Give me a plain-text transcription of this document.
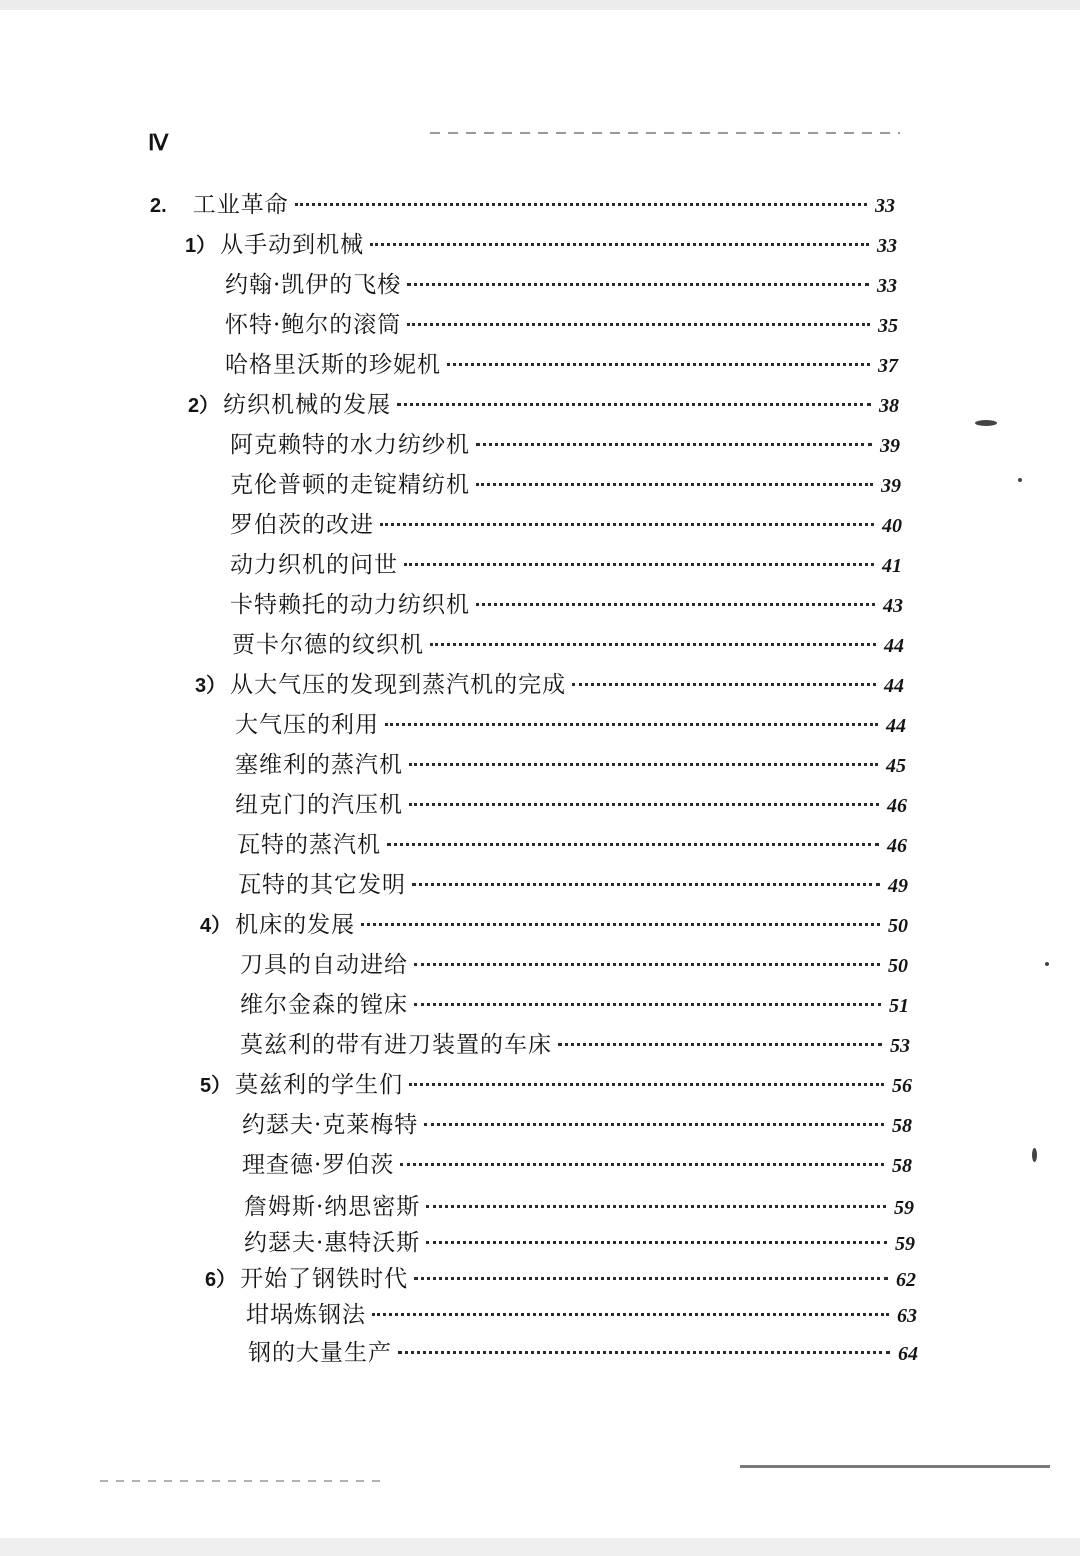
Ⅳ
2. 工业革命	33
1） 从手动到机械	33
约翰·凯伊的飞梭	33
怀特·鲍尔的滚筒	35
哈格里沃斯的珍妮机	37
2） 纺织机械的发展	38
阿克赖特的水力纺纱机	39
克伦普顿的走锭精纺机	39
罗伯茨的改进	40
动力织机的问世	41
卡特赖托的动力纺织机	43
贾卡尔德的纹织机	44
3） 从大气压的发现到蒸汽机的完成	44
大气压的利用	44
塞维利的蒸汽机	45
纽克门的汽压机	46
瓦特的蒸汽机	46
瓦特的其它发明	49
4） 机床的发展	50
刀具的自动进给	50
维尔金森的镗床	51
莫兹利的带有进刀装置的车床	53
5） 莫兹利的学生们	56
约瑟夫·克莱梅特	58
理查德·罗伯茨	58
詹姆斯·纳思密斯	59
约瑟夫·惠特沃斯	59
6） 开始了钢铁时代	62
坩埚炼钢法	63
钢的大量生产	64
